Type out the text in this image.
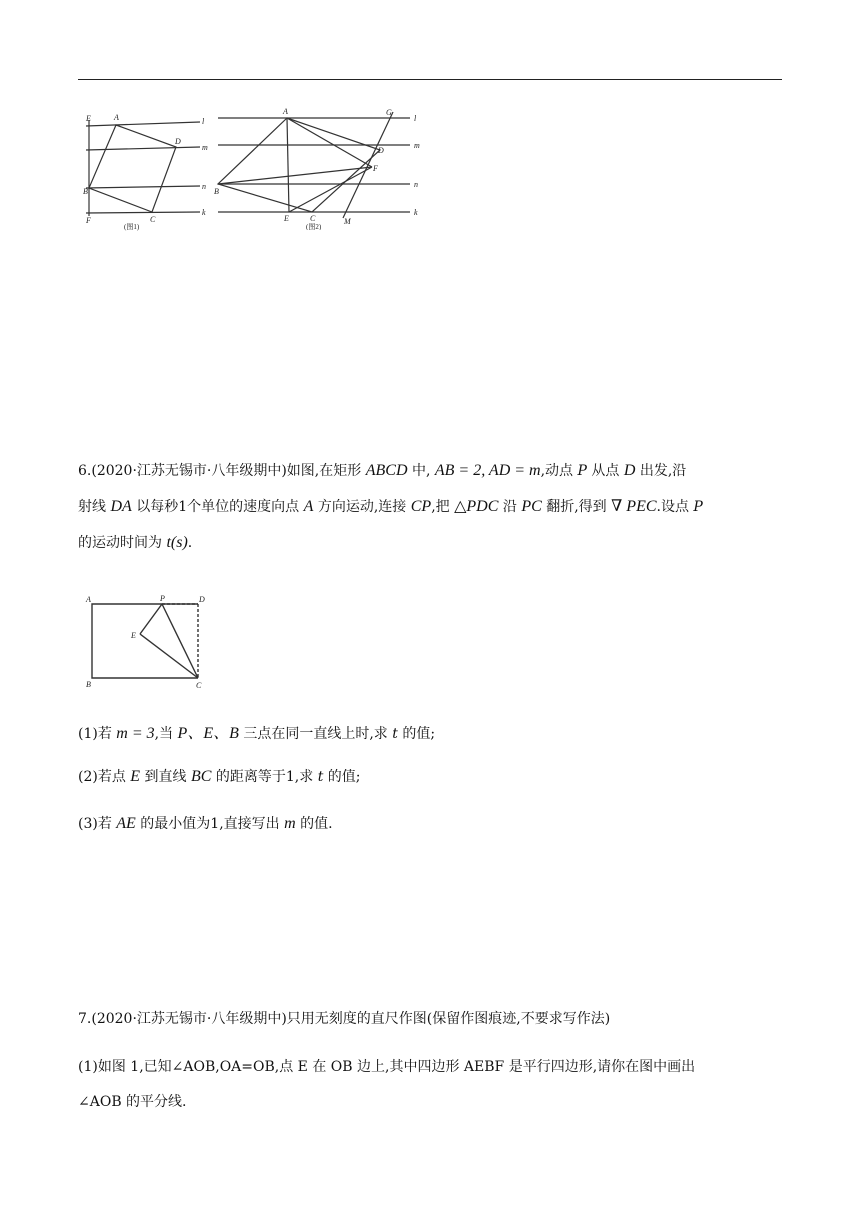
E	A
D
B
F	C
l
m
n
k
(图1)
A	G
D
F
B
E	C	M
l
m
n
k
(图2)
6.(2020·江苏无锡市·八年级期中)如图,在矩形 ABCD 中, AB = 2, AD = m,动点 P 从点 D 出发,沿
射线 DA 以每秒1个单位的速度向点 A 方向运动,连接 CP,把 △PDC 沿 PC 翻折,得到 ∇ PEC.设点 P
的运动时间为 t(s).
A	P	D
E
B	C

(1)若 m = 3,当 P、E、B 三点在同一直线上时,求 t 的值;

(2)若点 E 到直线 BC 的距离等于1,求 t 的值;

(3)若 AE 的最小值为1,直接写出 m 的值.

7.(2020·江苏无锡市·八年级期中)只用无刻度的直尺作图(保留作图痕迹,不要求写作法)

(1)如图 1,已知∠AOB,OA=OB,点 E 在 OB 边上,其中四边形 AEBF 是平行四边形,请你在图中画出

∠AOB 的平分线.
